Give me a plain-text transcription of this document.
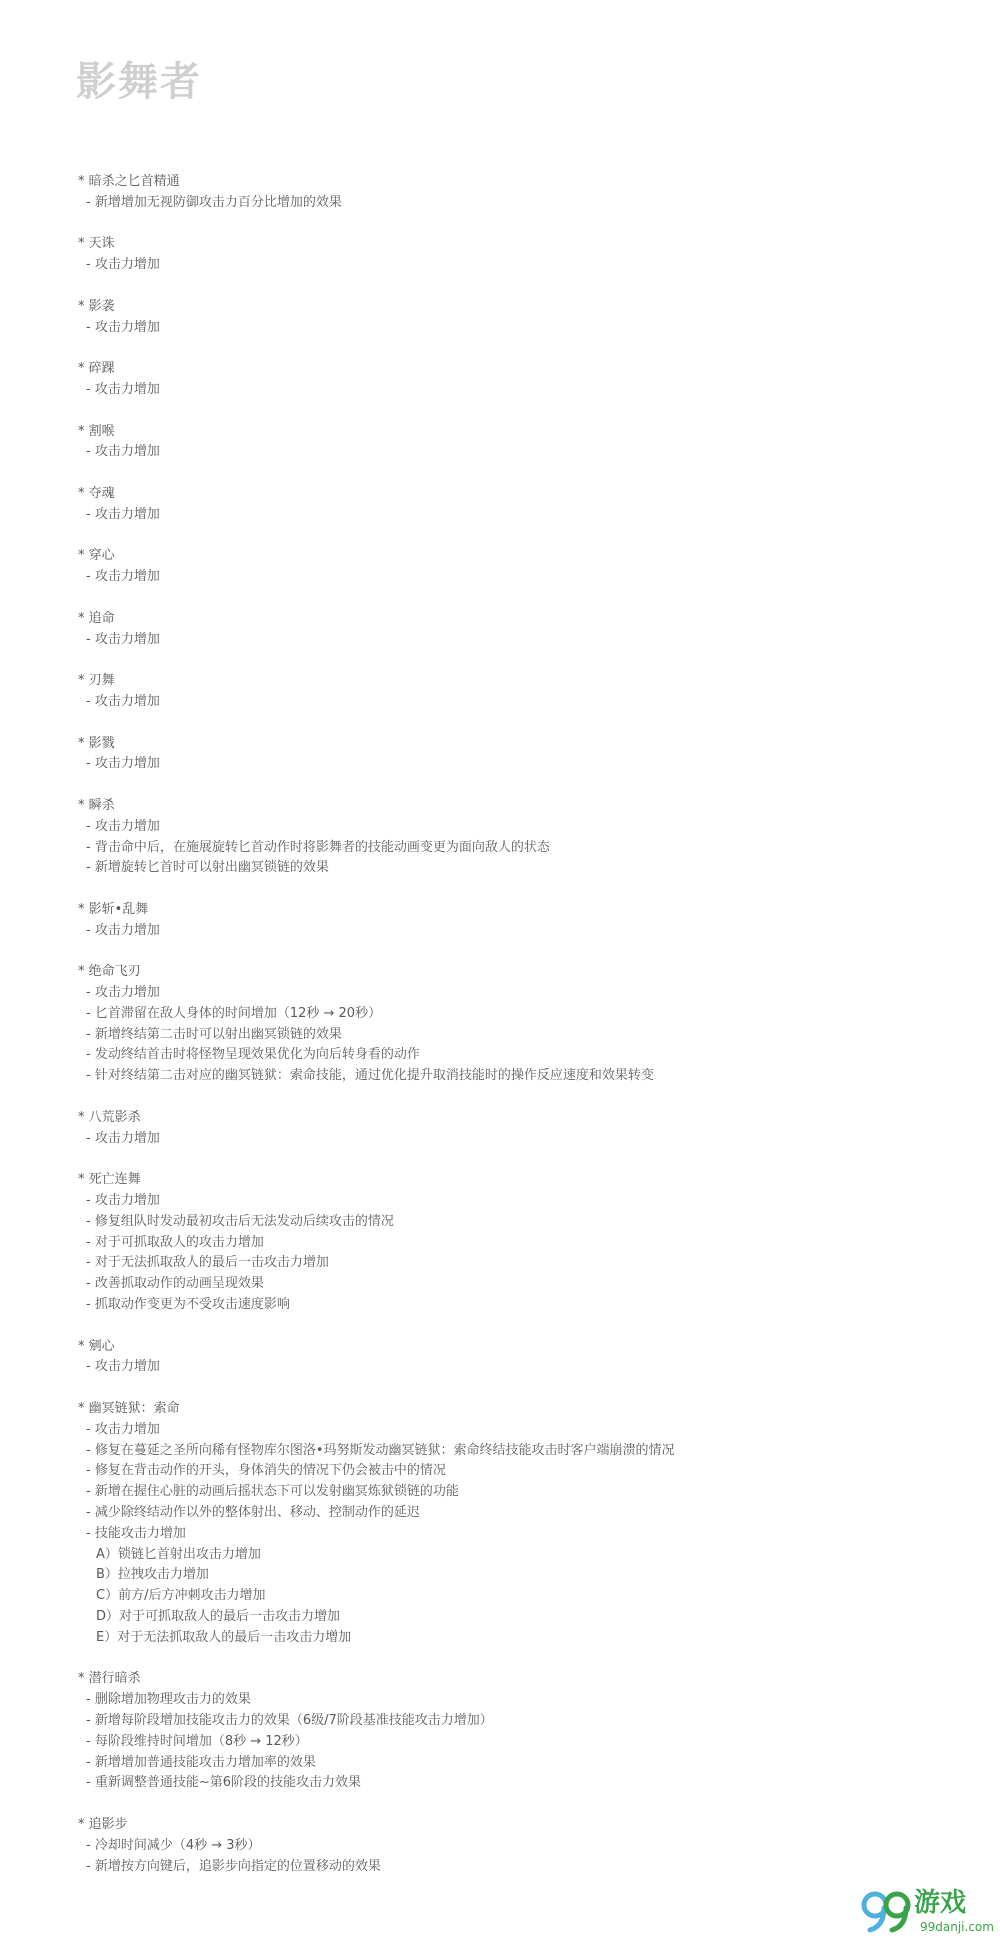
影舞者
* 暗杀之匕首精通
- 新增增加无视防御攻击力百分比增加的效果
* 天诛
- 攻击力增加
* 影袭
- 攻击力增加
* 碎踝
- 攻击力增加
* 割喉
- 攻击力增加
* 夺魂
- 攻击力增加
* 穿心
- 攻击力增加
* 追命
- 攻击力增加
* 刃舞
- 攻击力增加
* 影戮
- 攻击力增加
* 瞬杀
- 攻击力增加
- 背击命中后，在施展旋转匕首动作时将影舞者的技能动画变更为面向敌人的状态
- 新增旋转匕首时可以射出幽冥锁链的效果
* 影斩•乱舞
- 攻击力增加
* 绝命飞刃
- 攻击力增加
- 匕首滞留在敌人身体的时间增加（12秒 → 20秒）
- 新增终结第二击时可以射出幽冥锁链的效果
- 发动终结首击时将怪物呈现效果优化为向后转身看的动作
- 针对终结第二击对应的幽冥链狱：索命技能，通过优化提升取消技能时的操作反应速度和效果转变
* 八荒影杀
- 攻击力增加
* 死亡连舞
- 攻击力增加
- 修复组队时发动最初攻击后无法发动后续攻击的情况
- 对于可抓取敌人的攻击力增加
- 对于无法抓取敌人的最后一击攻击力增加
- 改善抓取动作的动画呈现效果
- 抓取动作变更为不受攻击速度影响
* 剜心
- 攻击力增加
* 幽冥链狱：索命
- 攻击力增加
- 修复在蔓延之圣所向稀有怪物库尔图洛•玛努斯发动幽冥链狱：索命终结技能攻击时客户端崩溃的情况
- 修复在背击动作的开头，身体消失的情况下仍会被击中的情况
- 新增在握住心脏的动画后摇状态下可以发射幽冥炼狱锁链的功能
- 减少除终结动作以外的整体射出、移动、控制动作的延迟
- 技能攻击力增加
A）锁链匕首射出攻击力增加
B）拉拽攻击力增加
C）前方/后方冲刺攻击力增加
D）对于可抓取敌人的最后一击攻击力增加
E）对于无法抓取敌人的最后一击攻击力增加
* 潜行暗杀
- 删除增加物理攻击力的效果
- 新增每阶段增加技能攻击力的效果（6级/7阶段基准技能攻击力增加）
- 每阶段维持时间增加（8秒 → 12秒）
- 新增增加普通技能攻击力增加率的效果
- 重新调整普通技能~第6阶段的技能攻击力效果
* 追影步
- 冷却时间减少（4秒 → 3秒）
- 新增按方向键后，追影步向指定的位置移动的效果
游戏
99danji.com
